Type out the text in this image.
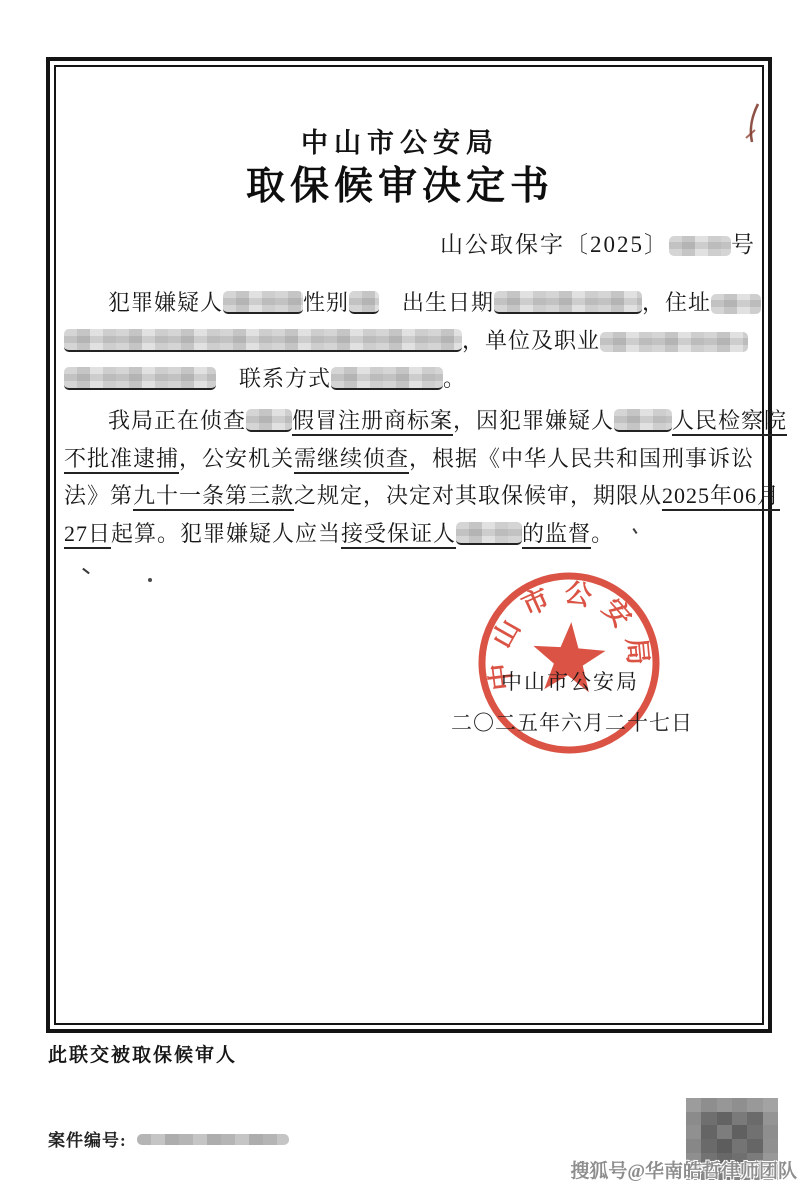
中山市公安局
取保候审决定书
山公取保字〔2025〕	号
犯罪嫌疑人	性别　出生日期	，住址
，单位及职业
　联系方式	。
我局正在侦查 假冒注册商标案，因犯罪嫌疑人	人民检察院
不批准逮捕，公安机关需继续侦查，根据《中华人民共和国刑事诉讼
法》第九十一条第三款之规定，决定对其取保候审，期限从2025年06月
27日起算。犯罪嫌疑人应当接受保证人	的监督。
中山市公安局
中山市公安局
二〇二五年六月二十七日
此联交被取保候审人
案件编号:
搜狐号@华南皓哲律师团队
